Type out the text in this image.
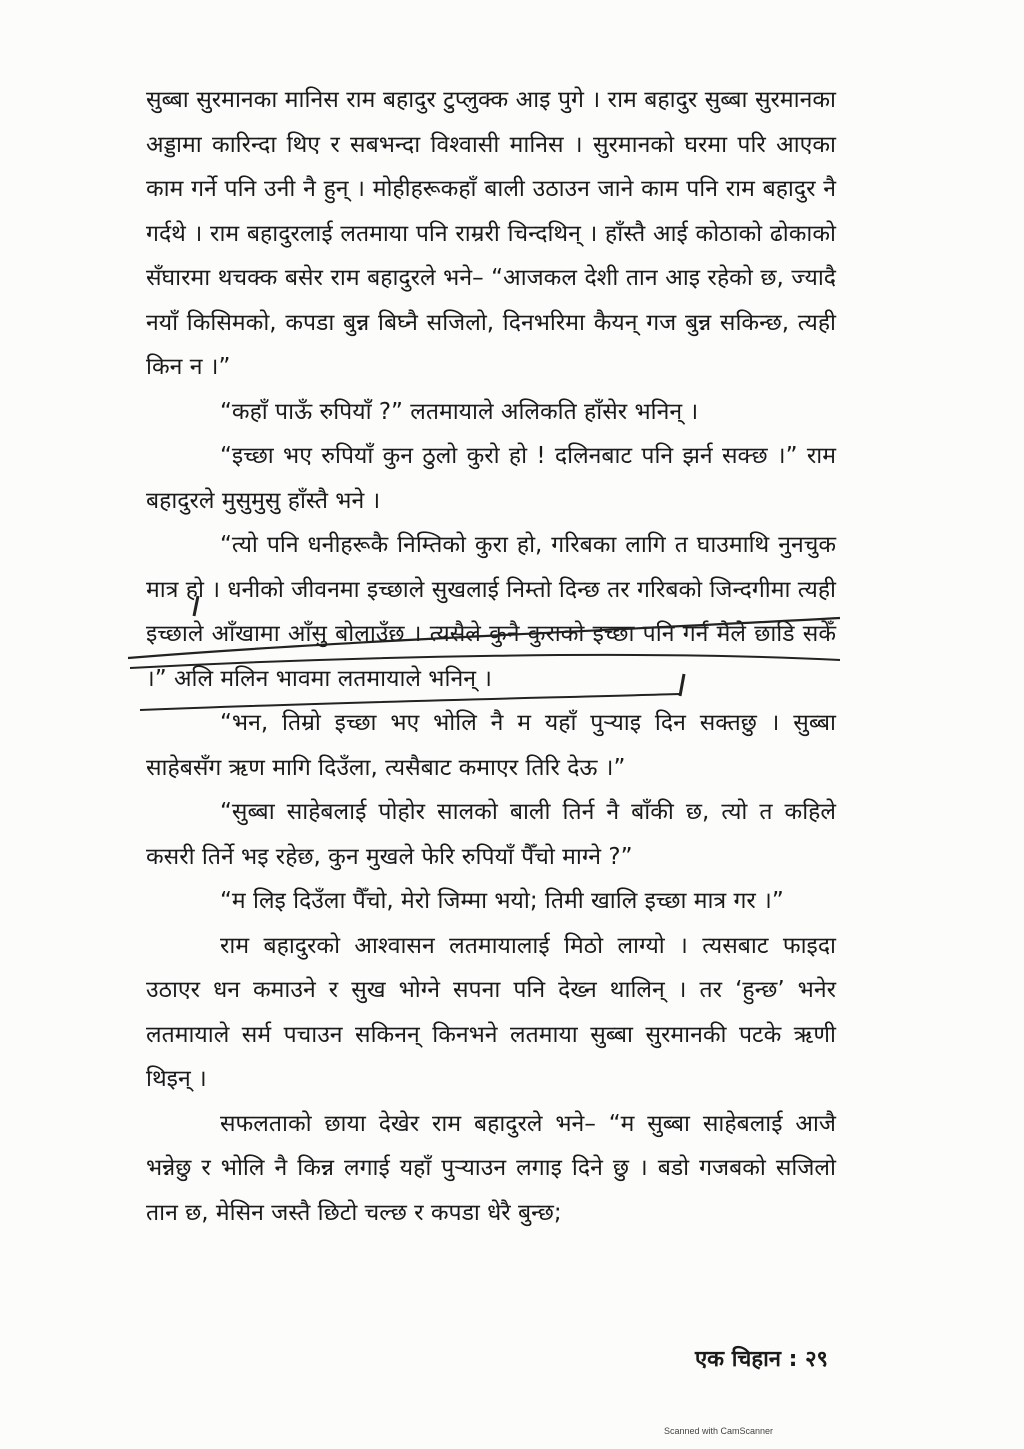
सुब्बा सुरमानका मानिस राम बहादुर टुप्लुक्क आइ पुगे । राम बहादुर सुब्बा सुरमानका अड्डामा कारिन्दा थिए र सबभन्दा विश्वासी मानिस । सुरमानको घरमा परि आएका काम गर्ने पनि उनी नै हुन् । मोहीहरूकहाँ बाली उठाउन जाने काम पनि राम बहादुर नै गर्दथे । राम बहादुरलाई लतमाया पनि राम्ररी चिन्दथिन् । हाँस्तै आई कोठाको ढोकाको सँघारमा थचक्क बसेर राम बहादुरले भने– “आजकल देशी तान आइ रहेको छ, ज्यादै नयाँ किसिमको, कपडा बुन्न बिघ्नै सजिलो, दिनभरिमा कैयन् गज बुन्न सकिन्छ, त्यही किन न ।”

“कहाँ पाऊँ रुपियाँ ?” लतमायाले अलिकति हाँसेर भनिन् ।

“इच्छा भए रुपियाँ कुन ठुलो कुरो हो ! दलिनबाट पनि झर्न सक्छ ।” राम बहादुरले मुसुमुसु हाँस्तै भने ।

“त्यो पनि धनीहरूकै निम्तिको कुरा हो, गरिबका लागि त घाउमाथि नुनचुक मात्र हो । धनीको जीवनमा इच्छाले सुखलाई निम्तो दिन्छ तर गरिबको जिन्दगीमा त्यही इच्छाले आँखामा आँसु बोलाउँछ । त्यसैले कुनै कुराको इच्छा पनि गर्न मैले छाडि सकेँ ।” अलि मलिन भावमा लतमायाले भनिन् ।

“भन, तिम्रो इच्छा भए भोलि नै म यहाँ पुऱ्याइ दिन सक्तछु । सुब्बा साहेबसँग ऋण मागि दिउँला, त्यसैबाट कमाएर तिरि देऊ ।”

“सुब्बा साहेबलाई पोहोर सालको बाली तिर्न नै बाँकी छ, त्यो त कहिले कसरी तिर्ने भइ रहेछ, कुन मुखले फेरि रुपियाँ पैँचो माग्ने ?”

“म लिइ दिउँला पैँचो, मेरो जिम्मा भयो; तिमी खालि इच्छा मात्र गर ।”

राम बहादुरको आश्वासन लतमायालाई मिठो लाग्यो । त्यसबाट फाइदा उठाएर धन कमाउने र सुख भोग्ने सपना पनि देख्न थालिन् । तर ‘हुन्छ’ भनेर लतमायाले सर्म पचाउन सकिनन् किनभने लतमाया सुब्बा सुरमानकी पटके ऋणी थिइन् ।

सफलताको छाया देखेर राम बहादुरले भने– “म सुब्बा साहेबलाई आजै भन्नेछु र भोलि नै किन्न लगाई यहाँ पुऱ्याउन लगाइ दिने छु । बडो गजबको सजिलो तान छ, मेसिन जस्तै छिटो चल्छ र कपडा धेरै बुन्छ;

एक चिहान : २९
Scanned with CamScanner
